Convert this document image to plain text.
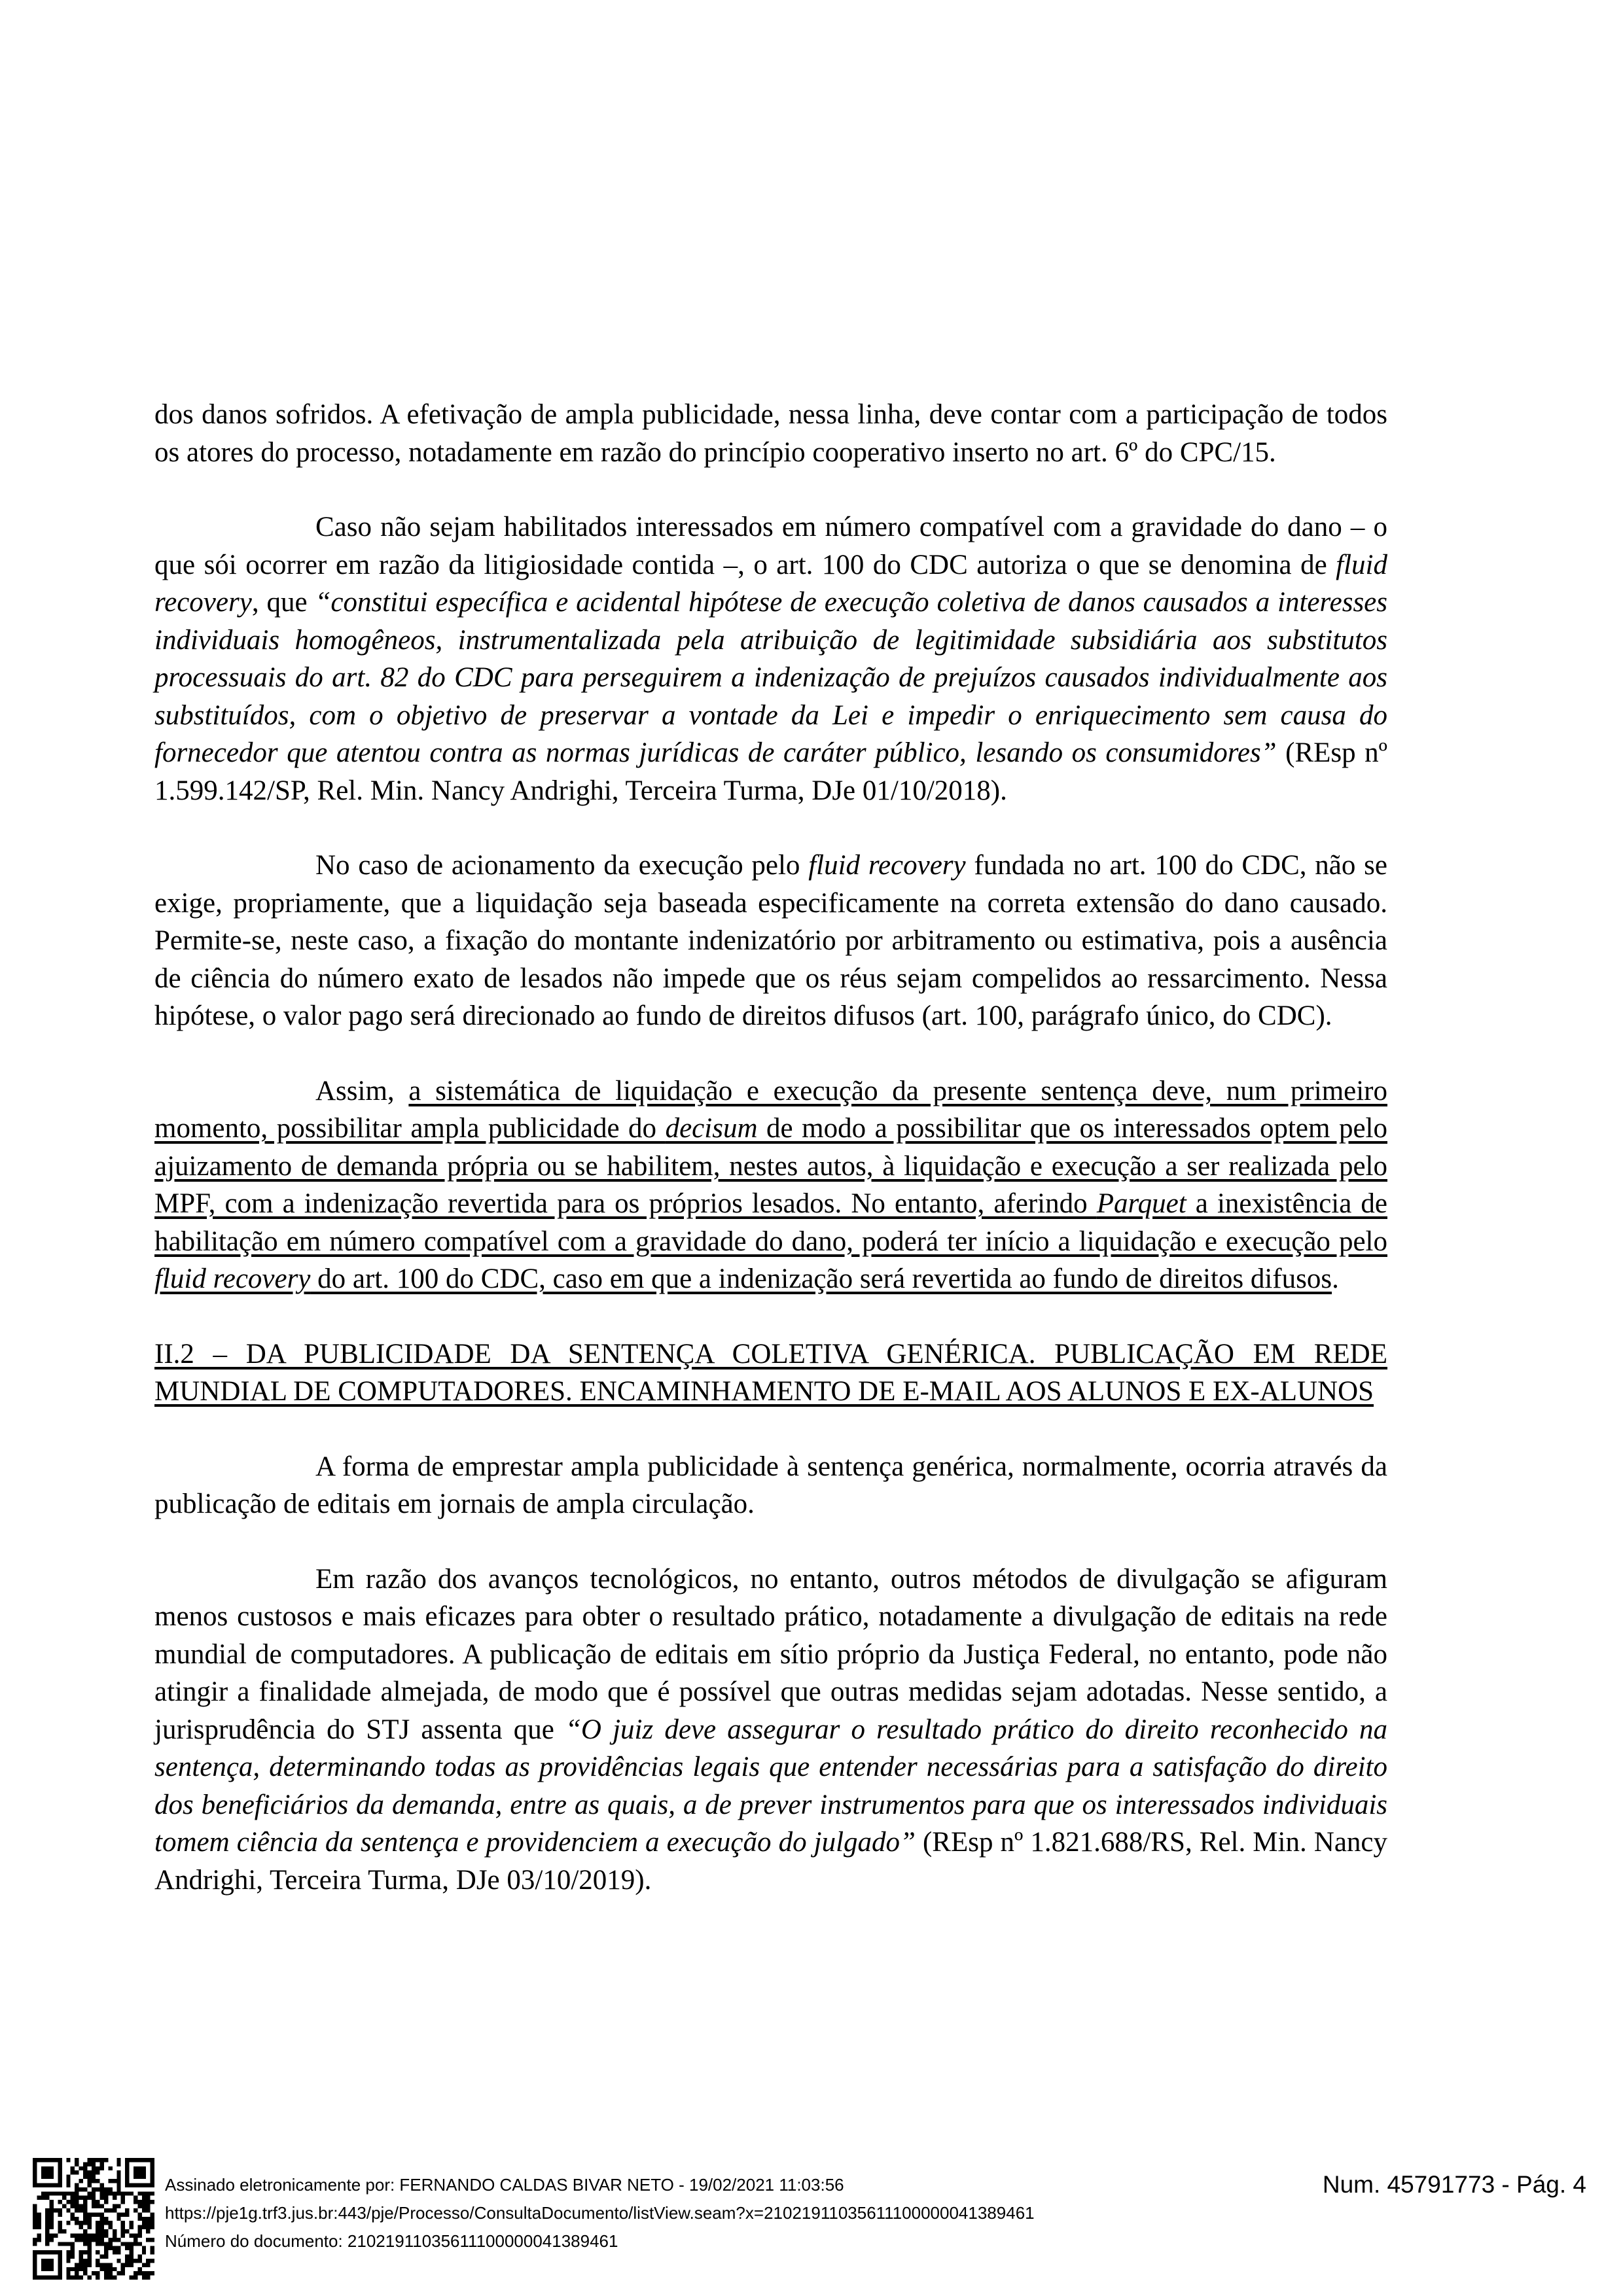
dos danos sofridos. A efetivação de ampla publicidade, nessa linha, deve contar com a participação de todos os atores do processo, notadamente em razão do princípio cooperativo inserto no art. 6º do CPC/15.

Caso não sejam habilitados interessados em número compatível com a gravidade do dano – o que sói ocorrer em razão da litigiosidade contida –, o art. 100 do CDC autoriza o que se denomina de fluid recovery, que “constitui específica e acidental hipótese de execução coletiva de danos causados a interesses individuais homogêneos, instrumentalizada pela atribuição de legitimidade subsidiária aos substitutos processuais do art. 82 do CDC para perseguirem a indenização de prejuízos causados individualmente aos substituídos, com o objetivo de preservar a vontade da Lei e impedir o enriquecimento sem causa do fornecedor que atentou contra as normas jurídicas de caráter público, lesando os consumidores” (REsp nº 1.599.142/SP, Rel. Min. Nancy Andrighi, Terceira Turma, DJe 01/10/2018).

No caso de acionamento da execução pelo fluid recovery fundada no art. 100 do CDC, não se exige, propriamente, que a liquidação seja baseada especificamente na correta extensão do dano causado. Permite-se, neste caso, a fixação do montante indenizatório por arbitramento ou estimativa, pois a ausência de ciência do número exato de lesados não impede que os réus sejam compelidos ao ressarcimento. Nessa hipótese, o valor pago será direcionado ao fundo de direitos difusos (art. 100, parágrafo único, do CDC).

Assim, a sistemática de liquidação e execução da presente sentença deve, num primeiro momento, possibilitar ampla publicidade do decisum de modo a possibilitar que os interessados optem pelo ajuizamento de demanda própria ou se habilitem, nestes autos, à liquidação e execução a ser realizada pelo MPF, com a indenização revertida para os próprios lesados. No entanto, aferindo Parquet a inexistência de habilitação em número compatível com a gravidade do dano, poderá ter início a liquidação e execução pelo fluid recovery do art. 100 do CDC, caso em que a indenização será revertida ao fundo de direitos difusos.

II.2 – DA PUBLICIDADE DA SENTENÇA COLETIVA GENÉRICA. PUBLICAÇÃO EM REDE MUNDIAL DE COMPUTADORES. ENCAMINHAMENTO DE E-MAIL AOS ALUNOS E EX-ALUNOS

A forma de emprestar ampla publicidade à sentença genérica, normalmente, ocorria através da publicação de editais em jornais de ampla circulação.

Em razão dos avanços tecnológicos, no entanto, outros métodos de divulgação se afiguram menos custosos e mais eficazes para obter o resultado prático, notadamente a divulgação de editais na rede mundial de computadores. A publicação de editais em sítio próprio da Justiça Federal, no entanto, pode não atingir a finalidade almejada, de modo que é possível que outras medidas sejam adotadas. Nesse sentido, a jurisprudência do STJ assenta que “O juiz deve assegurar o resultado prático do direito reconhecido na sentença, determinando todas as providências legais que entender necessárias para a satisfação do direito dos beneficiários da demanda, entre as quais, a de prever instrumentos para que os interessados individuais tomem ciência da sentença e providenciem a execução do julgado” (REsp nº 1.821.688/RS, Rel. Min. Nancy Andrighi, Terceira Turma, DJe 03/10/2019).

Assinado eletronicamente por: FERNANDO CALDAS BIVAR NETO - 19/02/2021 11:03:56
https://pje1g.trf3.jus.br:443/pje/Processo/ConsultaDocumento/listView.seam?x=21021911035611100000041389461
Número do documento: 21021911035611100000041389461
Num. 45791773 - Pág. 4
